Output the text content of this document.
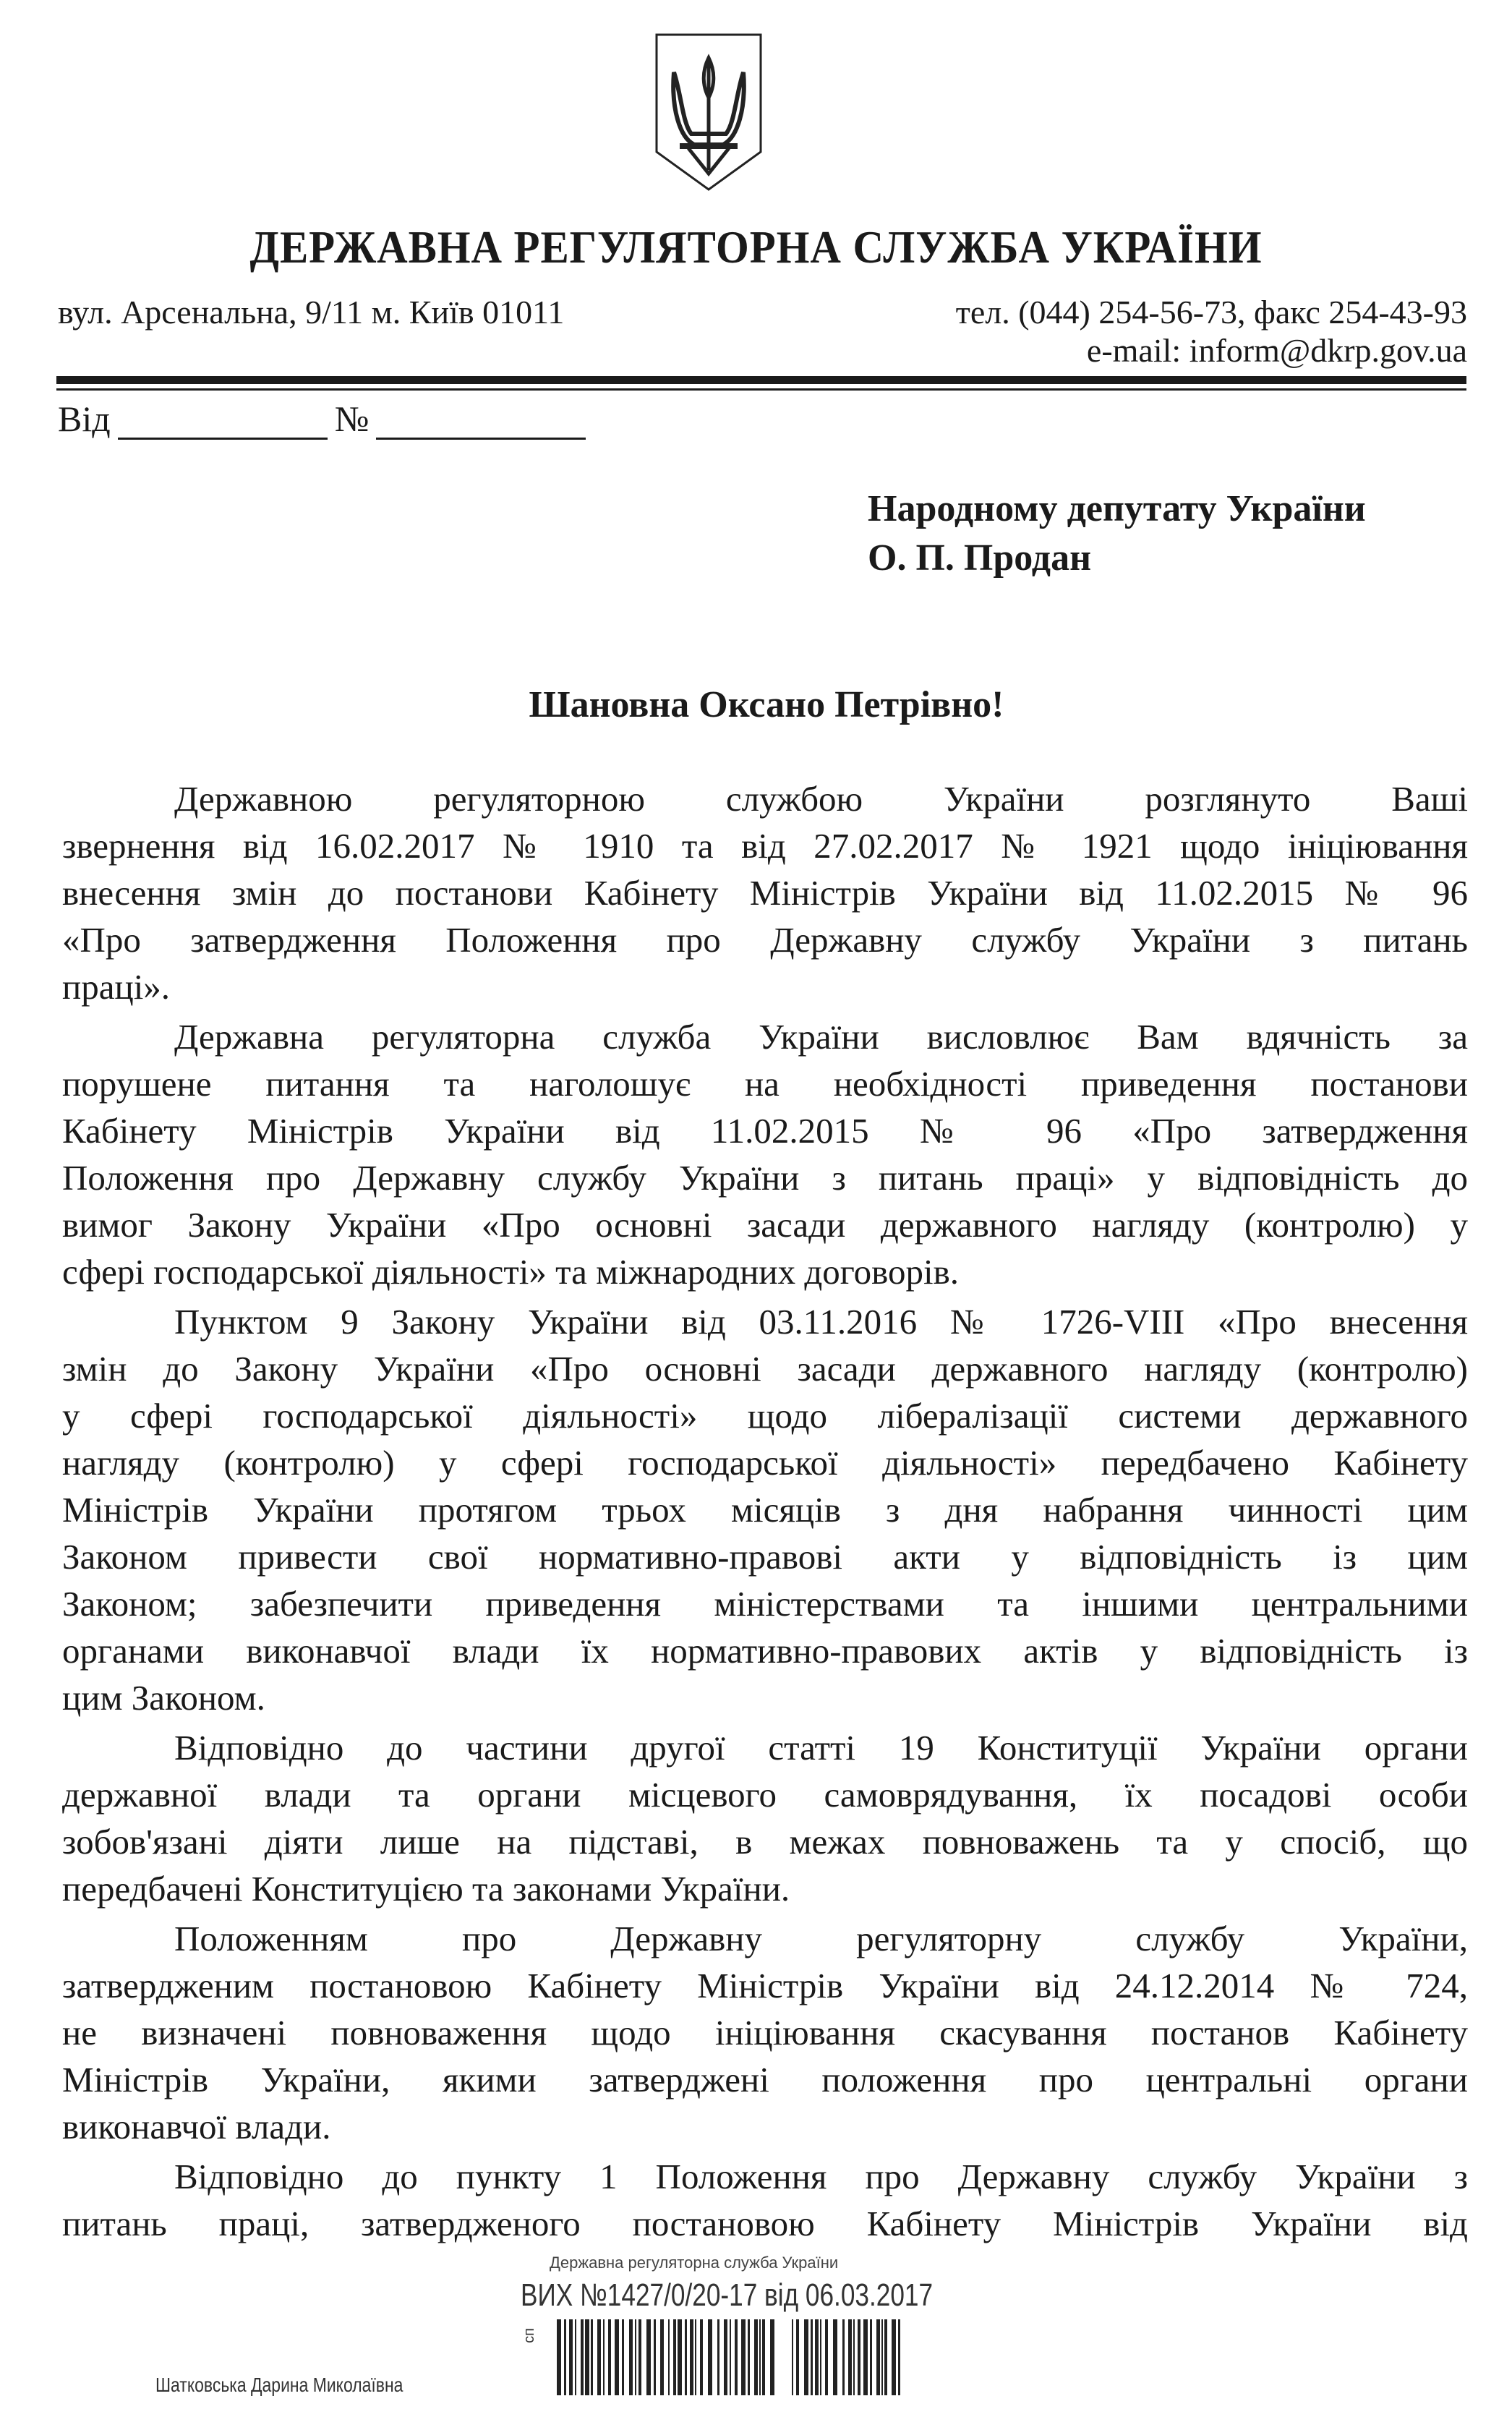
ДЕРЖАВНА РЕГУЛЯТОРНА СЛУЖБА УКРАЇНИ
вул. Арсенальна, 9/11 м. Київ 01011	тел. (044) 254-56-73, факс 254-43-93
e-mail: inform@dkrp.gov.ua
Від	№
Народному депутату України
О. П. Продан
Шановна Оксано Петрівно!
Державною регуляторною службою України розглянуто Ваші
звернення від 16.02.2017 № 1910 та від 27.02.2017 № 1921 щодо ініціювання
внесення змін до постанови Кабінету Міністрів України від 11.02.2015 № 96
«Про затвердження Положення про Державну службу України з питань
праці».
Державна регуляторна служба України висловлює Вам вдячність за
порушене питання та наголошує на необхідності приведення постанови
Кабінету Міністрів України від 11.02.2015 № 96 «Про затвердження
Положення про Державну службу України з питань праці» у відповідність до
вимог Закону України «Про основні засади державного нагляду (контролю) у
сфері господарської діяльності» та міжнародних договорів.
Пунктом 9 Закону України від 03.11.2016 № 1726-VIII «Про внесення
змін до Закону України «Про основні засади державного нагляду (контролю)
у сфері господарської діяльності» щодо лібералізації системи державного
нагляду (контролю) у сфері господарської діяльності» передбачено Кабінету
Міністрів України протягом трьох місяців з дня набрання чинності цим
Законом привести свої нормативно-правові акти у відповідність із цим
Законом; забезпечити приведення міністерствами та іншими центральними
органами виконавчої влади їх нормативно-правових актів у відповідність із
цим Законом.
Відповідно до частини другої статті 19 Конституції України органи
державної влади та органи місцевого самоврядування, їх посадові особи
зобов'язані діяти лише на підставі, в межах повноважень та у спосіб, що
передбачені Конституцією та законами України.
Положенням про Державну регуляторну службу України,
затвердженим постановою Кабінету Міністрів України від 24.12.2014 № 724,
не визначені повноваження щодо ініціювання скасування постанов Кабінету
Міністрів України, якими затверджені положення про центральні органи
виконавчої влади.
Відповідно до пункту 1 Положення про Державну службу України з
питань праці, затвердженого постановою Кабінету Міністрів України від
Державна регуляторна служба України
ВИХ №1427/0/20-17 від 06.03.2017
сп
Шатковська Дарина Миколаївна
